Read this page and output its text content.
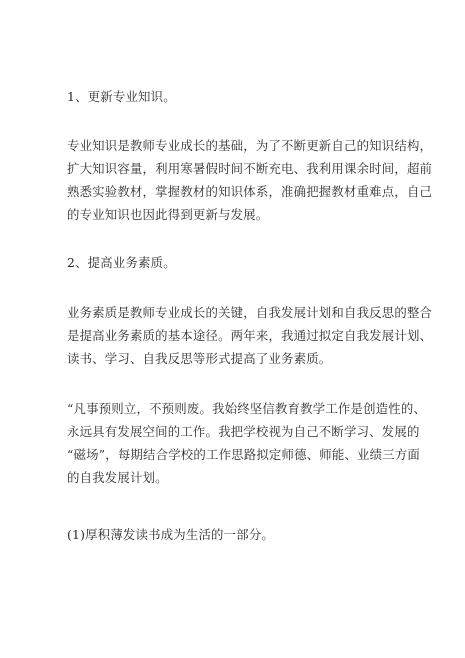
1、更新专业知识。
专业知识是教师专业成长的基础，为了不断更新自己的知识结构，
扩大知识容量，利用寒暑假时间不断充电、我利用课余时间，超前
熟悉实验教材，掌握教材的知识体系，准确把握教材重难点，自己
的专业知识也因此得到更新与发展。
2、提高业务素质。
业务素质是教师专业成长的关键，自我发展计划和自我反思的整合
是提高业务素质的基本途径。两年来，我通过拟定自我发展计划、
读书、学习、自我反思等形式提高了业务素质。
“凡事预则立，不预则废。我始终坚信教育教学工作是创造性的、
永远具有发展空间的工作。我把学校视为自己不断学习、发展的
“磁场”，每期结合学校的工作思路拟定师德、师能、业绩三方面
的自我发展计划。
(1)厚积薄发读书成为生活的一部分。
